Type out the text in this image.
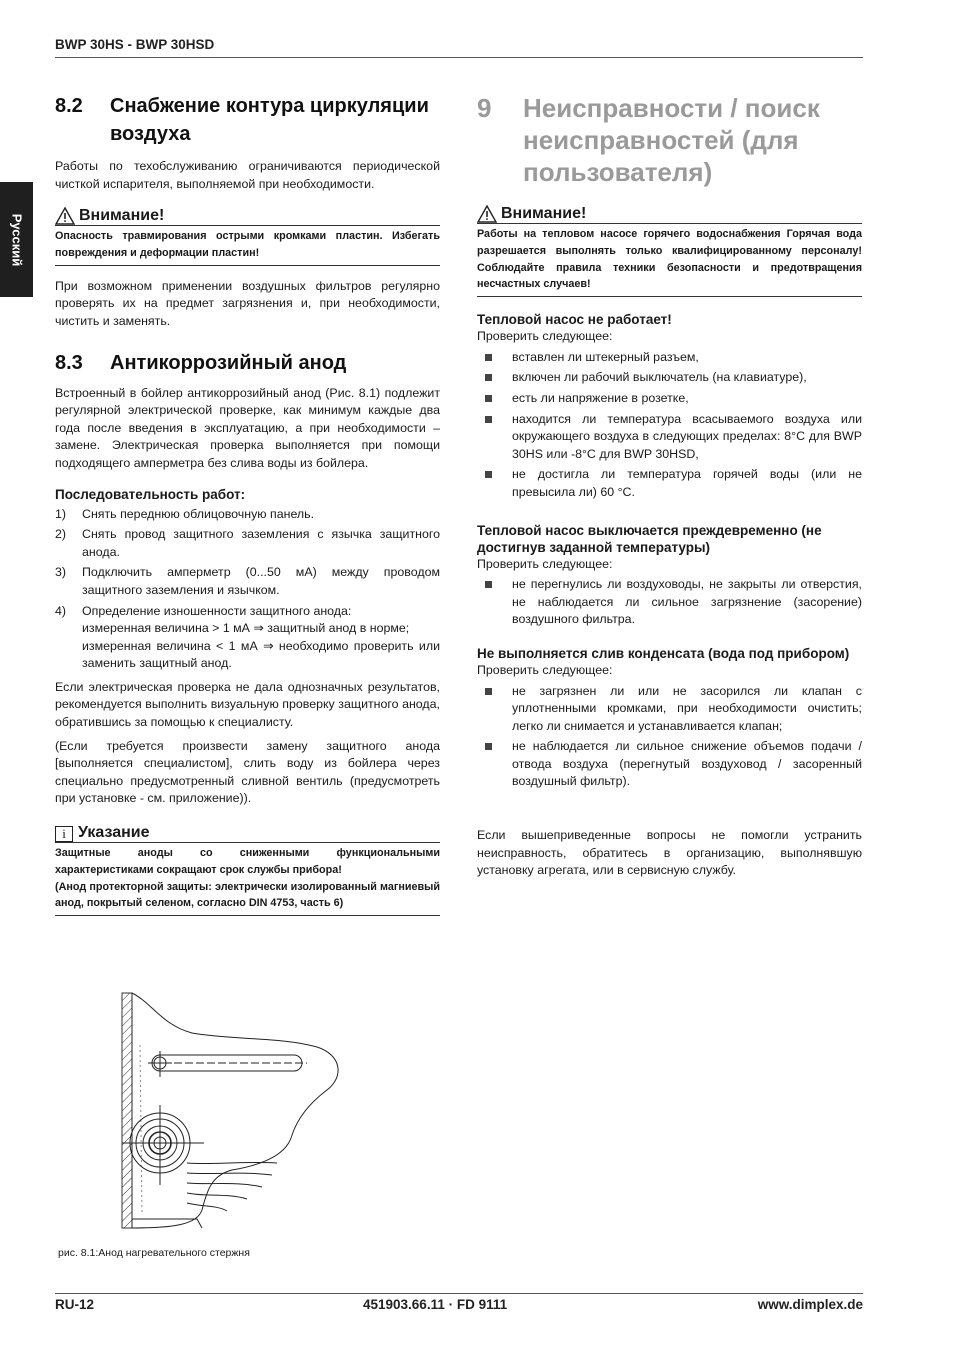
BWP 30HS - BWP 30HSD
Русский
8.2	Снабжение контура циркуляции воздуха

Работы по техобслуживанию ограничиваются периодической чисткой испарителя, выполняемой при необходимости.

Внимание!
Опасность травмирования острыми кромками пластин. Избегать повреждения и деформации пластин!

При возможном применении воздушных фильтров регулярно проверять их на предмет загрязнения и, при необходимости, чистить и заменять.

8.3	Антикоррозийный анод

Встроенный в бойлер антикоррозийный анод (Рис. 8.1) подлежит регулярной электрической проверке, как минимум каждые два года после введения в эксплуатацию, а при необходимости – замене. Электрическая проверка выполняется при помощи подходящего амперметра без слива воды из бойлера.

Последовательность работ:
1)	Снять переднюю облицовочную панель.
2)	Снять провод защитного заземления с язычка защитного анода.
3)	Подключить амперметр (0...50 мА) между проводом защитного заземления и язычком.
4)	Определение изношенности защитного анода:
измеренная величина > 1 мА ⇒ защитный анод в норме;
измеренная величина < 1 мА ⇒ необходимо проверить или заменить защитный анод.

Если электрическая проверка не дала однозначных результатов, рекомендуется выполнить визуальную проверку защитного анода, обратившись за помощью к специалисту.

(Если требуется произвести замену защитного анода [выполняется специалистом], слить воду из бойлера через специально предусмотренный сливной вентиль (предусмотреть при установке - см. приложение)).

i Указание
Защитные аноды со сниженными функциональными характеристиками сокращают срок службы прибора!
(Анод протекторной защиты: электрически изолированный магниевый анод, покрытый селеном, согласно DIN 4753, часть 6)
рис. 8.1:Анод нагревательного стержня
9	Неисправности / поиск неисправностей (для пользователя)
Внимание!
Работы на тепловом насосе горячего водоснабжения Горячая вода разрешается выполнять только квалифицированному персоналу! Соблюдайте правила техники безопасности и предотвращения несчастных случаев!
Тепловой насос не работает!

Проверить следующее:

вставлен ли штекерный разъем,
включен ли рабочий выключатель (на клавиатуре),
есть ли напряжение в розетке,
находится ли температура всасываемого воздуха или окружающего воздуха в следующих пределах: 8°C для BWP 30HS или -8°C для BWP 30HSD,
не достигла ли температура горячей воды (или не превысила ли) 60 °C.
Тепловой насос выключается преждевременно (не достигнув заданной температуры)

Проверить следующее:

не перегнулись ли воздуховоды, не закрыты ли отверстия, не наблюдается ли сильное загрязнение (засорение) воздушного фильтра.
Не выполняется слив конденсата (вода под прибором)

Проверить следующее:

не загрязнен ли или не засорился ли клапан с уплотненными кромками, при необходимости очистить; легко ли снимается и устанавливается клапан;
не наблюдается ли сильное снижение объемов подачи / отвода воздуха (перегнутый воздуховод / засоренный воздушный фильтр).

Если вышеприведенные вопросы не помогли устранить неисправность, обратитесь в организацию, выполнявшую установку агрегата, или в сервисную службу.

RU-12	451903.66.11 · FD 9111	www.dimplex.de
